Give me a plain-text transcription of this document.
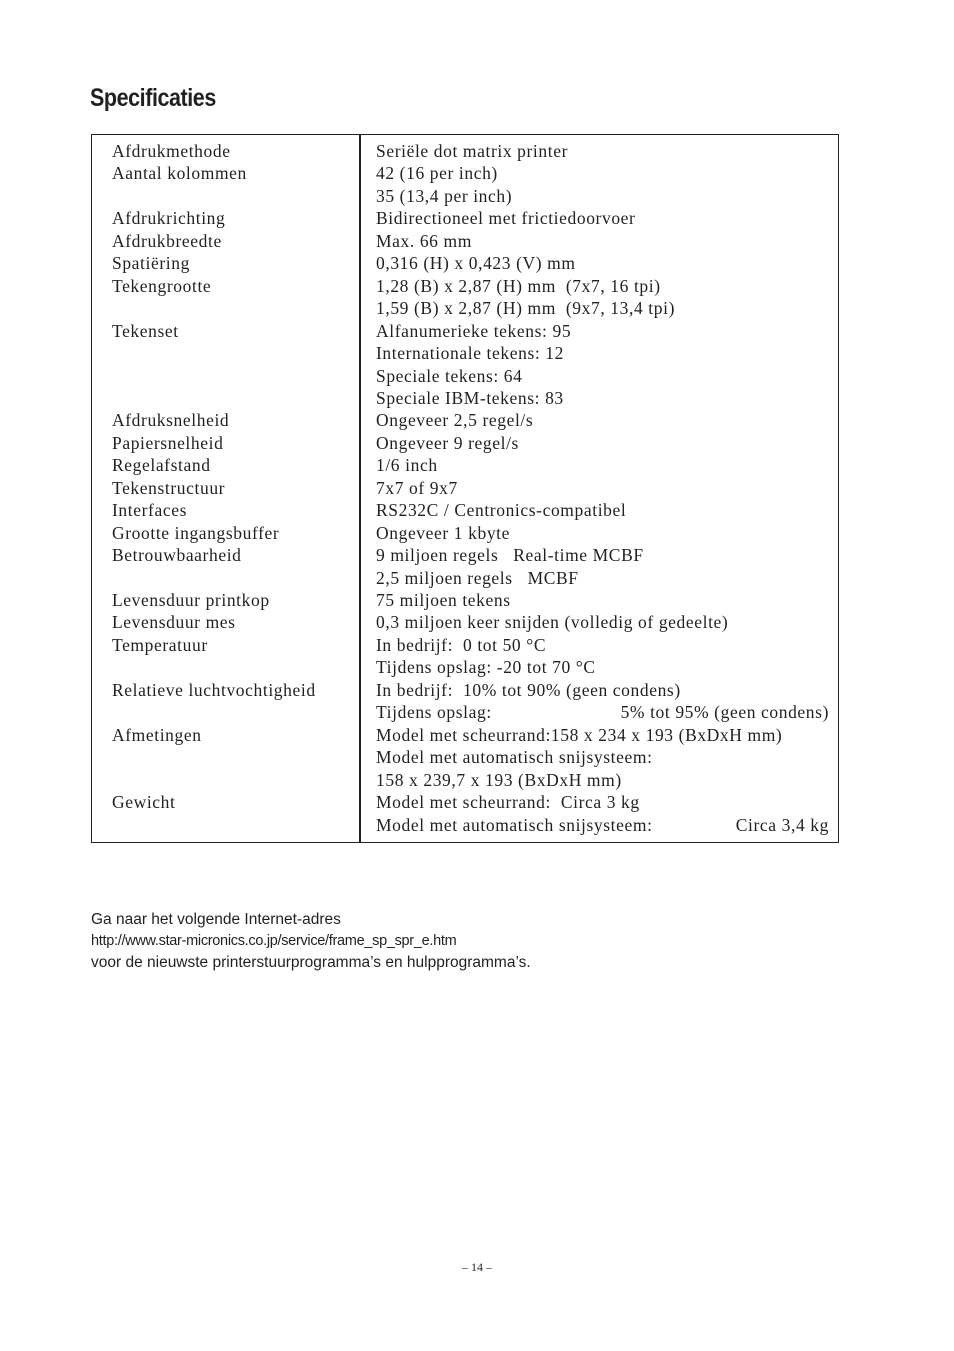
Specificaties
Afdrukmethode	Seriële dot matrix printer
Aantal kolommen	42 (16 per inch)
35 (13,4 per inch)
Afdrukrichting	Bidirectioneel met frictiedoorvoer
Afdrukbreedte	Max. 66 mm
Spatiëring	0,316 (H) x 0,423 (V) mm
Tekengrootte	1,28 (B) x 2,87 (H) mm  (7x7, 16 tpi)
1,59 (B) x 2,87 (H) mm  (9x7, 13,4 tpi)
Tekenset	Alfanumerieke tekens: 95
Internationale tekens: 12
Speciale tekens: 64
Speciale IBM-tekens: 83
Afdruksnelheid	Ongeveer 2,5 regel/s
Papiersnelheid	Ongeveer 9 regel/s
Regelafstand	1/6 inch
Tekenstructuur	7x7 of 9x7
Interfaces	RS232C / Centronics-compatibel
Grootte ingangsbuffer	Ongeveer 1 kbyte
Betrouwbaarheid	9 miljoen regels   Real-time MCBF
2,5 miljoen regels   MCBF
Levensduur printkop	75 miljoen tekens
Levensduur mes	0,3 miljoen keer snijden (volledig of gedeelte)
Temperatuur	In bedrijf:  0 tot 50 °C
Tijdens opslag: -20 tot 70 °C
Relatieve luchtvochtigheid	In bedrijf:  10% tot 90% (geen condens)
Tijdens opslag:	5% tot 95% (geen condens)
Afmetingen	Model met scheurrand:158 x 234 x 193 (BxDxH mm)
Model met automatisch snijsysteem:
158 x 239,7 x 193 (BxDxH mm)
Gewicht	Model met scheurrand:  Circa 3 kg
Model met automatisch snijsysteem:	Circa 3,4 kg
Ga naar het volgende Internet-adres
http://www.star-micronics.co.jp/service/frame_sp_spr_e.htm
voor de nieuwste printerstuurprogramma’s en hulpprogramma’s.
– 14 –
